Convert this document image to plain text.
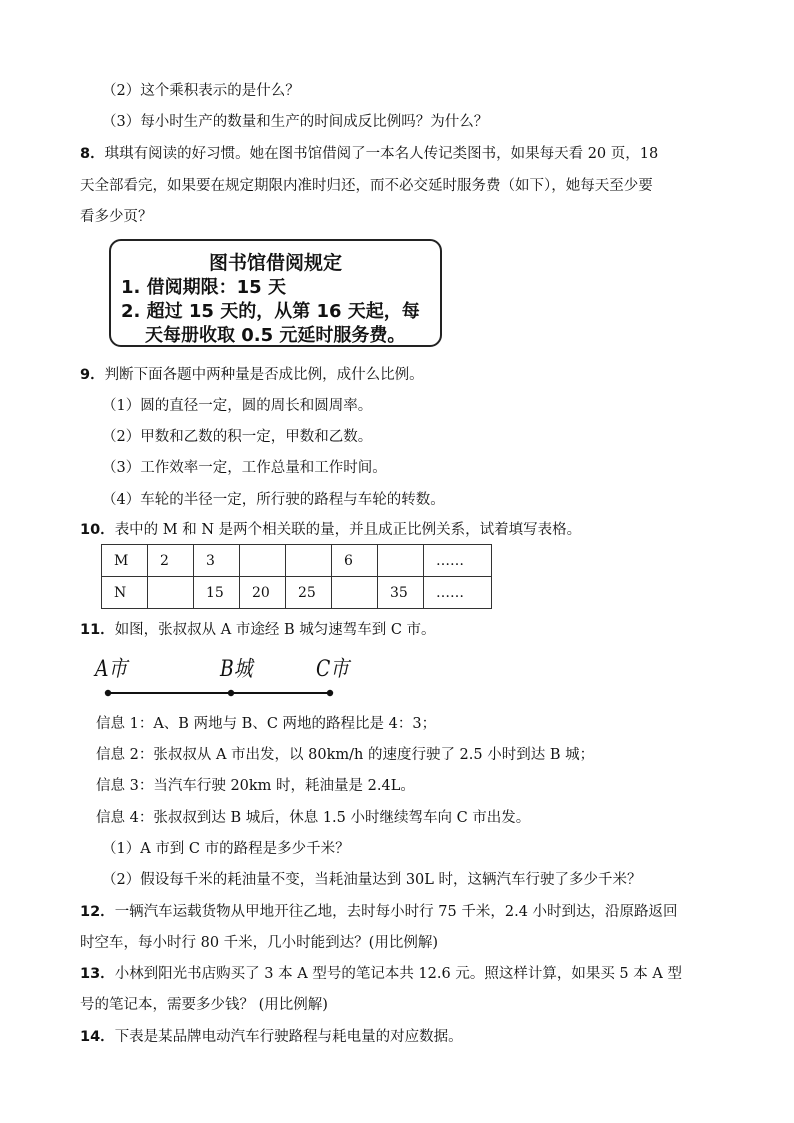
（2）这个乘积表示的是什么？
（3）每小时生产的数量和生产的时间成反比例吗？为什么？
8．琪琪有阅读的好习惯。她在图书馆借阅了一本名人传记类图书，如果每天看 20 页，18
天全部看完，如果要在规定期限内准时归还，而不必交延时服务费（如下），她每天至少要
看多少页？
图书馆借阅规定
1. 借阅期限：15 天
2. 超过 15 天的，从第 16 天起，每
天每册收取 0.5 元延时服务费。
9．判断下面各题中两种量是否成比例，成什么比例。
（1）圆的直径一定，圆的周长和圆周率。
（2）甲数和乙数的积一定，甲数和乙数。
（3）工作效率一定，工作总量和工作时间。
（4）车轮的半径一定，所行驶的路程与车轮的转数。
10．表中的 M 和 N 是两个相关联的量，并且成正比例关系，试着填写表格。
M	2	3			6		……
N		15	20	25		35	……
11．如图，张叔叔从 A 市途经 B 城匀速驾车到 C 市。
A市	B城	C市
信息 1：A、B 两地与 B、C 两地的路程比是 4：3；
信息 2：张叔叔从 A 市出发，以 80km/h 的速度行驶了 2.5 小时到达 B 城；
信息 3：当汽车行驶 20km 时，耗油量是 2.4L。
信息 4：张叔叔到达 B 城后，休息 1.5 小时继续驾车向 C 市出发。
（1）A 市到 C 市的路程是多少千米？
（2）假设每千米的耗油量不变，当耗油量达到 30L 时，这辆汽车行驶了多少千米？
12．一辆汽车运载货物从甲地开往乙地，去时每小时行 75 千米，2.4 小时到达，沿原路返回
时空车，每小时行 80 千米，几小时能到达？(用比例解)
13．小林到阳光书店购买了 3 本 A 型号的笔记本共 12.6 元。照这样计算，如果买 5 本 A 型
号的笔记本，需要多少钱？ (用比例解)
14．下表是某品牌电动汽车行驶路程与耗电量的对应数据。
